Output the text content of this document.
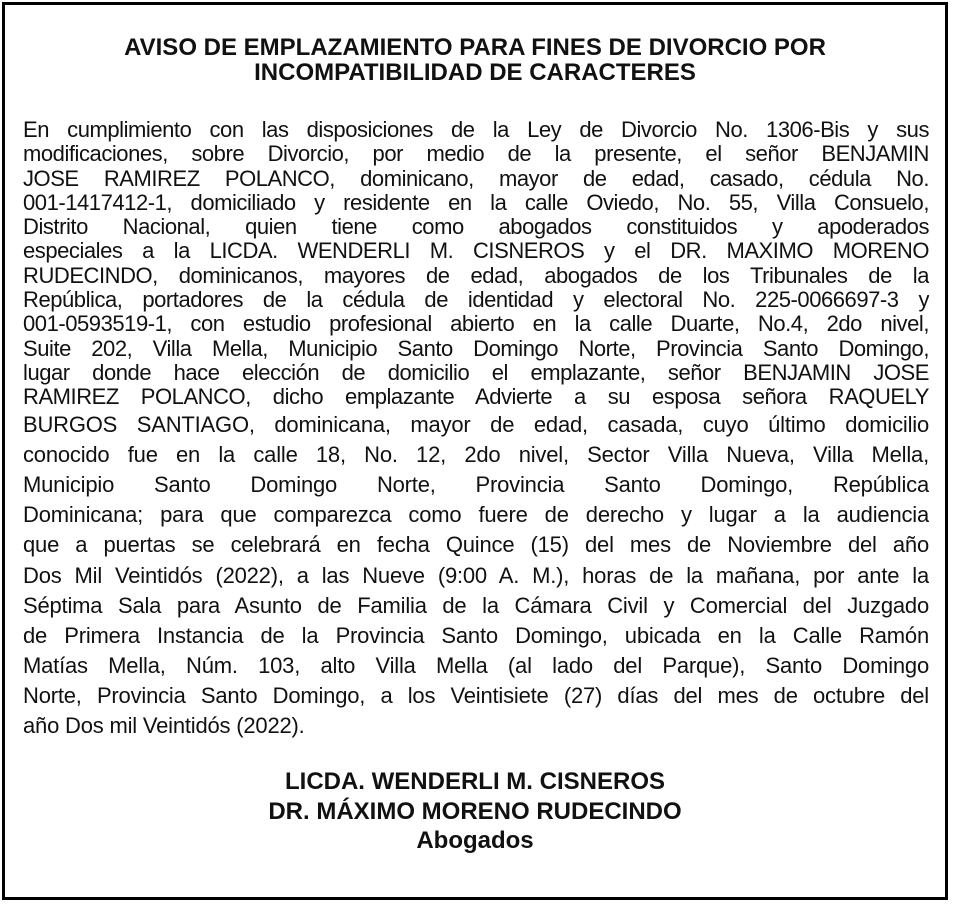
AVISO DE EMPLAZAMIENTO PARA FINES DE DIVORCIO POR
INCOMPATIBILIDAD DE CARACTERES
En cumplimiento con las disposiciones de la Ley de Divorcio No. 1306-Bis y sus
modificaciones, sobre Divorcio, por medio de la presente, el señor BENJAMIN
JOSE RAMIREZ POLANCO, dominicano, mayor de edad, casado, cédula No.
001-1417412-1, domiciliado y residente en la calle Oviedo, No. 55, Villa Consuelo,
Distrito Nacional, quien tiene como abogados constituidos y apoderados
especiales a la LICDA. WENDERLI M. CISNEROS y el DR. MAXIMO MORENO
RUDECINDO, dominicanos, mayores de edad, abogados de los Tribunales de la
República, portadores de la cédula de identidad y electoral No. 225-0066697-3 y
001-0593519-1, con estudio profesional abierto en la calle Duarte, No.4, 2do nivel,
Suite 202, Villa Mella, Municipio Santo Domingo Norte, Provincia Santo Domingo,
lugar donde hace elección de domicilio el emplazante, señor BENJAMIN JOSE
RAMIREZ POLANCO, dicho emplazante Advierte a su esposa señora RAQUELY
BURGOS SANTIAGO, dominicana, mayor de edad, casada, cuyo último domicilio
conocido fue en la calle 18, No. 12, 2do nivel, Sector Villa Nueva, Villa Mella,
Municipio Santo Domingo Norte, Provincia Santo Domingo, República
Dominicana; para que comparezca como fuere de derecho y lugar a la audiencia
que a puertas se celebrará en fecha Quince (15) del mes de Noviembre del año
Dos Mil Veintidós (2022), a las Nueve (9:00 A. M.), horas de la mañana, por ante la
Séptima Sala para Asunto de Familia de la Cámara Civil y Comercial del Juzgado
de Primera Instancia de la Provincia Santo Domingo, ubicada en la Calle Ramón
Matías Mella, Núm. 103, alto Villa Mella (al lado del Parque), Santo Domingo
Norte, Provincia Santo Domingo, a los Veintisiete (27) días del mes de octubre del
año Dos mil Veintidós (2022).
LICDA. WENDERLI M. CISNEROS
DR. MÁXIMO MORENO RUDECINDO
Abogados
